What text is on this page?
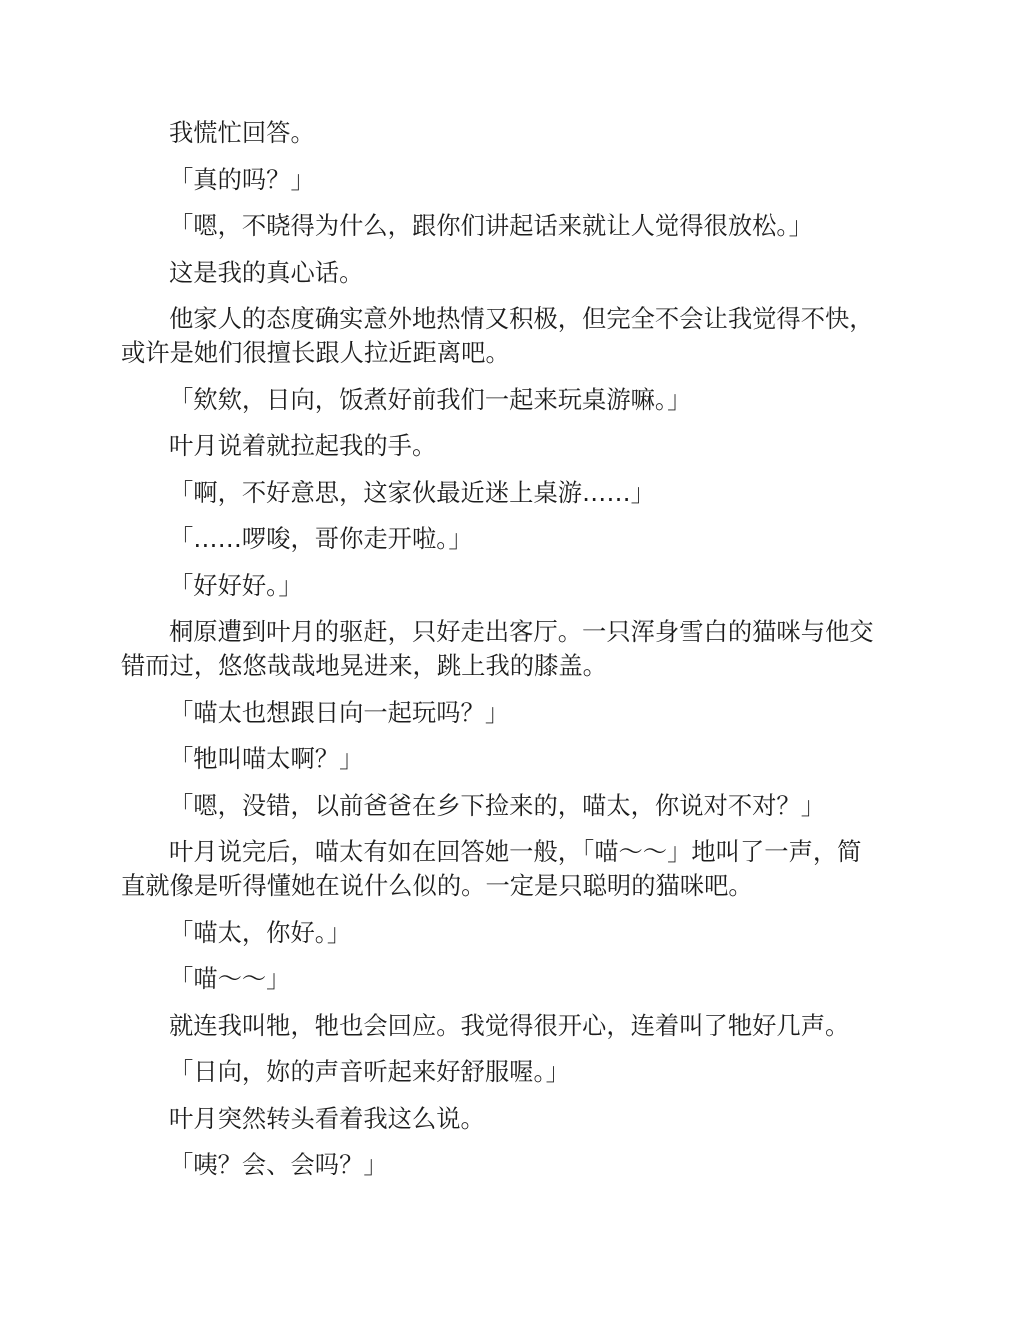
我慌忙回答。

「真的吗？」

「嗯，不晓得为什么，跟你们讲起话来就让人觉得很放松。」

这是我的真心话。

他家人的态度确实意外地热情又积极，但完全不会让我觉得不快，
或许是她们很擅长跟人拉近距离吧。

「欸欸，日向，饭煮好前我们一起来玩桌游嘛。」

叶月说着就拉起我的手。

「啊，不好意思，这家伙最近迷上桌游……」

「……啰唆，哥你走开啦。」

「好好好。」

桐原遭到叶月的驱赶，只好走出客厅。一只浑身雪白的猫咪与他交
错而过，悠悠哉哉地晃进来，跳上我的膝盖。

「喵太也想跟日向一起玩吗？」

「牠叫喵太啊？」

「嗯，没错，以前爸爸在乡下捡来的，喵太，你说对不对？」

叶月说完后，喵太有如在回答她一般，「喵～～」地叫了一声，简
直就像是听得懂她在说什么似的。一定是只聪明的猫咪吧。

「喵太，你好。」

「喵～～」

就连我叫牠，牠也会回应。我觉得很开心，连着叫了牠好几声。

「日向，妳的声音听起来好舒服喔。」

叶月突然转头看着我这么说。

「咦？会、会吗？」
